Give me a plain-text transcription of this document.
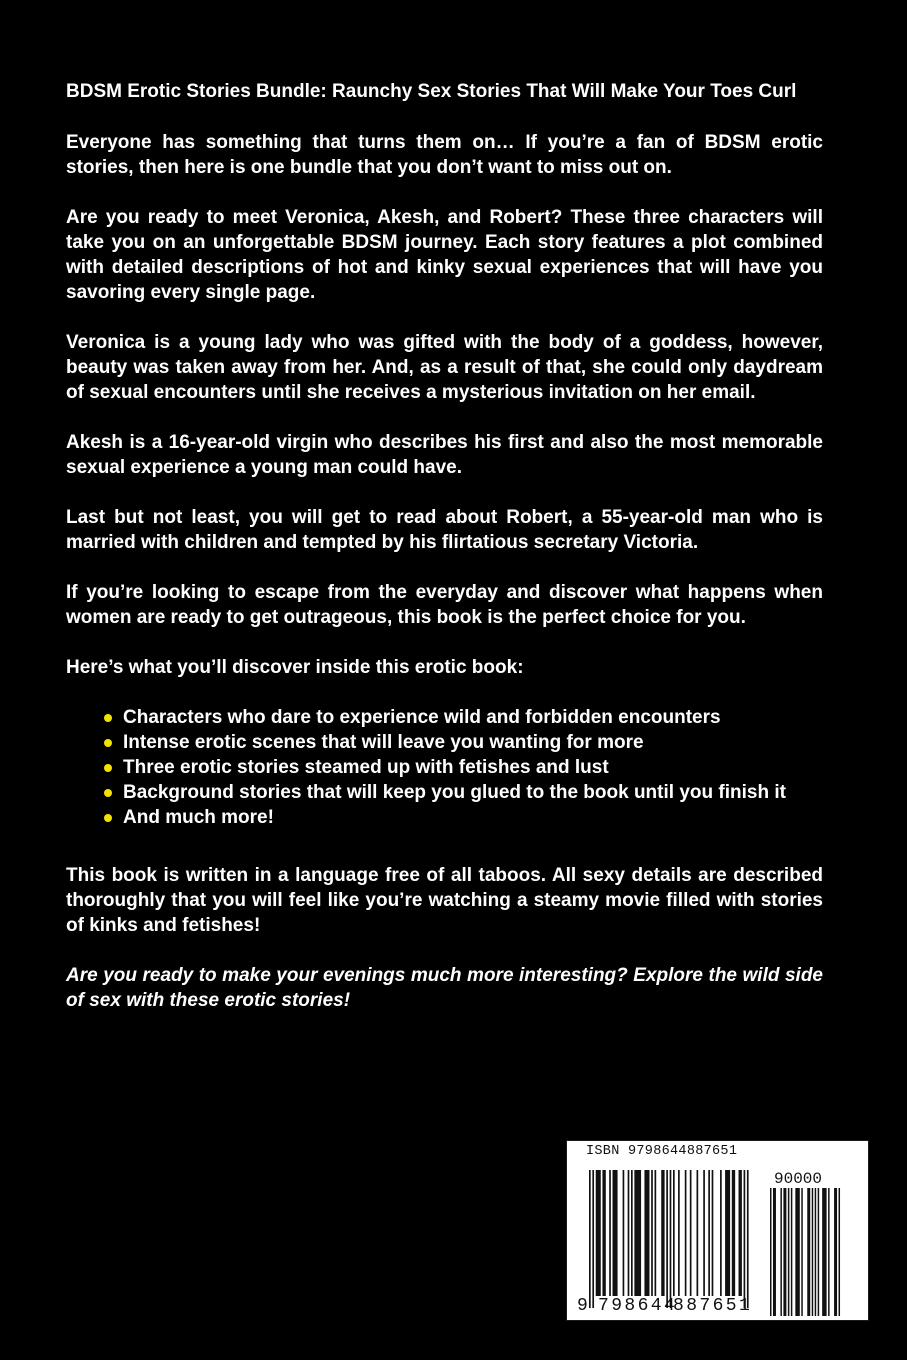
BDSM Erotic Stories Bundle: Raunchy Sex Stories That Will Make Your Toes Curl

Everyone has something that turns them on… If you’re a fan of BDSM erotic stories, then here is one bundle that you don’t want to miss out on.

Are you ready to meet Veronica, Akesh, and Robert? These three characters will take you on an unforgettable BDSM journey. Each story features a plot combined with detailed descriptions of hot and kinky sexual experiences that will have you savoring every single page.

Veronica is a young lady who was gifted with the body of a goddess, however, beauty was taken away from her. And, as a result of that, she could only daydream of sexual encounters until she receives a mysterious invitation on her email.

Akesh is a 16-year-old virgin who describes his first and also the most memorable sexual experience a young man could have.

Last but not least, you will get to read about Robert, a 55-year-old man who is married with children and tempted by his flirtatious secretary Victoria.

If you’re looking to escape from the everyday and discover what happens when women are ready to get outrageous, this book is the perfect choice for you.

Here’s what you’ll discover inside this erotic book:

Characters who dare to experience wild and forbidden encounters
Intense erotic scenes that will leave you wanting for more
Three erotic stories steamed up with fetishes and lust
Background stories that will keep you glued to the book until you finish it
And much more!

This book is written in a language free of all taboos. All sexy details are described thoroughly that you will feel like you’re watching a steamy movie filled with stories of kinks and fetishes!

Are you ready to make your evenings much more interesting? Explore the wild side of sex with these erotic stories!

ISBN 9798644887651
90000
9 798644
887651
